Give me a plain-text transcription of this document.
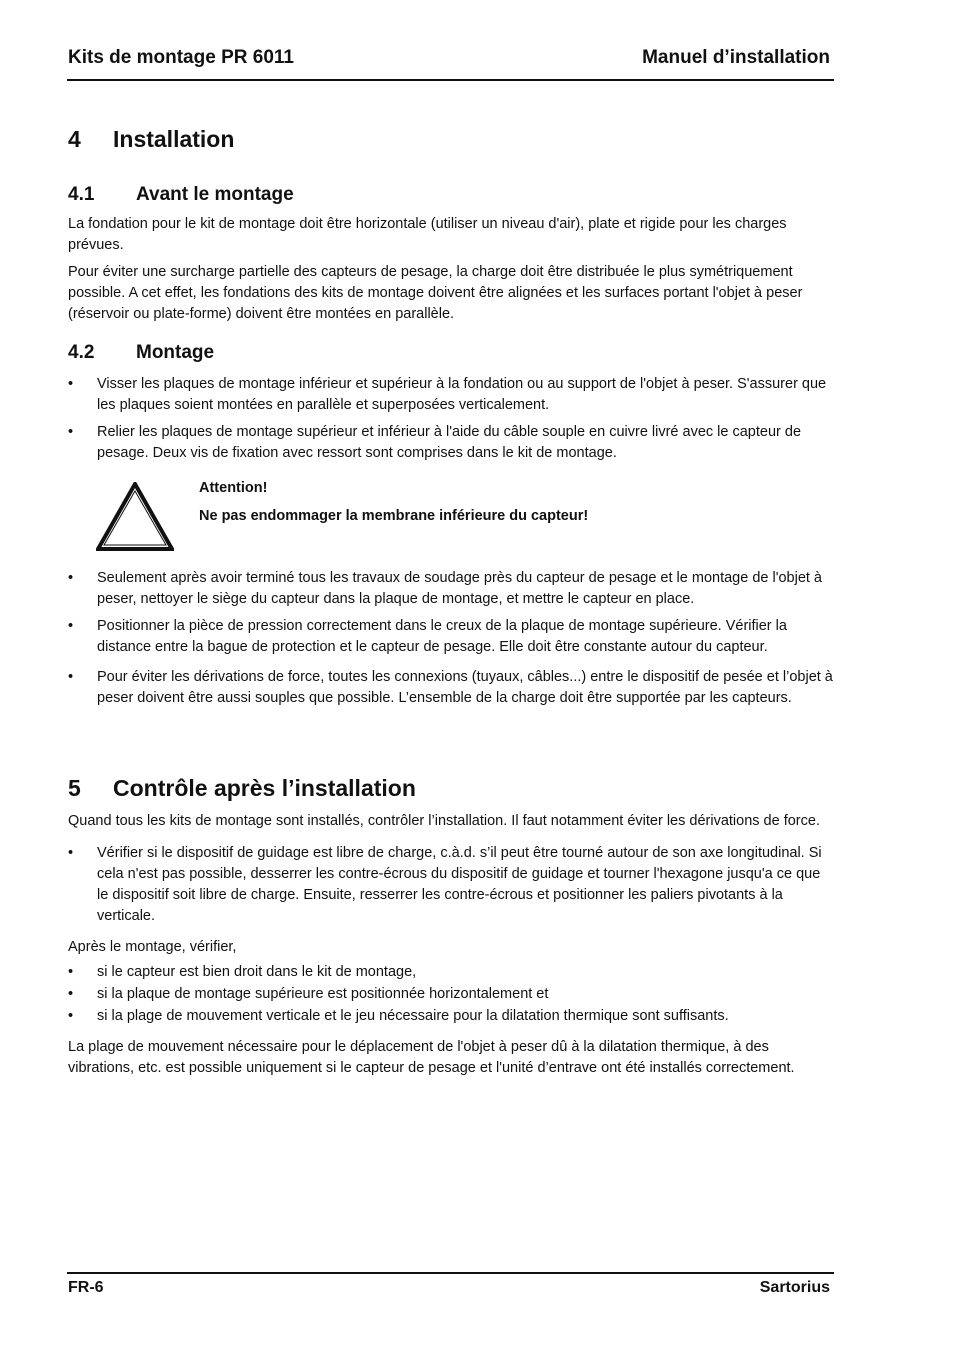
Kits de montage PR 6011	Manuel d’installation
4 Installation
4.1 Avant le montage

La fondation pour le kit de montage doit être horizontale (utiliser un niveau d'air), plate et rigide pour les charges prévues.

Pour éviter une surcharge partielle des capteurs de pesage, la charge doit être distribuée le plus symétriquement possible. A cet effet, les fondations des kits de montage doivent être alignées et les surfaces portant l'objet à peser (réservoir ou plate-forme) doivent être montées en parallèle.

4.2 Montage
• Visser les plaques de montage inférieur et supérieur à la fondation ou au support de l'objet à peser. S'assurer que les plaques soient montées en parallèle et superposées verticalement.
• Relier les plaques de montage supérieur et inférieur à l'aide du câble souple en cuivre livré avec le capteur de pesage. Deux vis de fixation avec ressort sont comprises dans le kit de montage.
Attention!
Ne pas endommager la membrane inférieure du capteur!
• Seulement après avoir terminé tous les travaux de soudage près du capteur de pesage et le montage de l'objet à peser, nettoyer le siège du capteur dans la plaque de montage, et mettre le capteur en place.
• Positionner la pièce de pression correctement dans le creux de la plaque de montage supérieure. Vérifier la distance entre la bague de protection et le capteur de pesage. Elle doit être constante autour du capteur.
• Pour éviter les dérivations de force, toutes les connexions (tuyaux, câbles...) entre le dispositif de pesée et l’objet à peser doivent être aussi souples que possible. L’ensemble de la charge doit être supportée par les capteurs.
5 Contrôle après l’installation

Quand tous les kits de montage sont installés, contrôler l’installation. Il faut notamment éviter les dérivations de force.

• Vérifier si le dispositif de guidage est libre de charge, c.à.d. s’il peut être tourné autour de son axe longitudinal. Si cela n'est pas possible, desserrer les contre-écrous du dispositif de guidage et tourner l'hexagone jusqu'a ce que le dispositif soit libre de charge. Ensuite, resserrer les contre-écrous et positionner les paliers pivotants à la verticale.

Après le montage, vérifier,

• si le capteur est bien droit dans le kit de montage,
• si la plaque de montage supérieure est positionnée horizontalement et
• si la plage de mouvement verticale et le jeu nécessaire pour la dilatation thermique sont suffisants.

La plage de mouvement nécessaire pour le déplacement de l'objet à peser dû à la dilatation thermique, à des vibrations, etc. est possible uniquement si le capteur de pesage et l'unité d’entrave ont été installés correctement.

FR-6	Sartorius
